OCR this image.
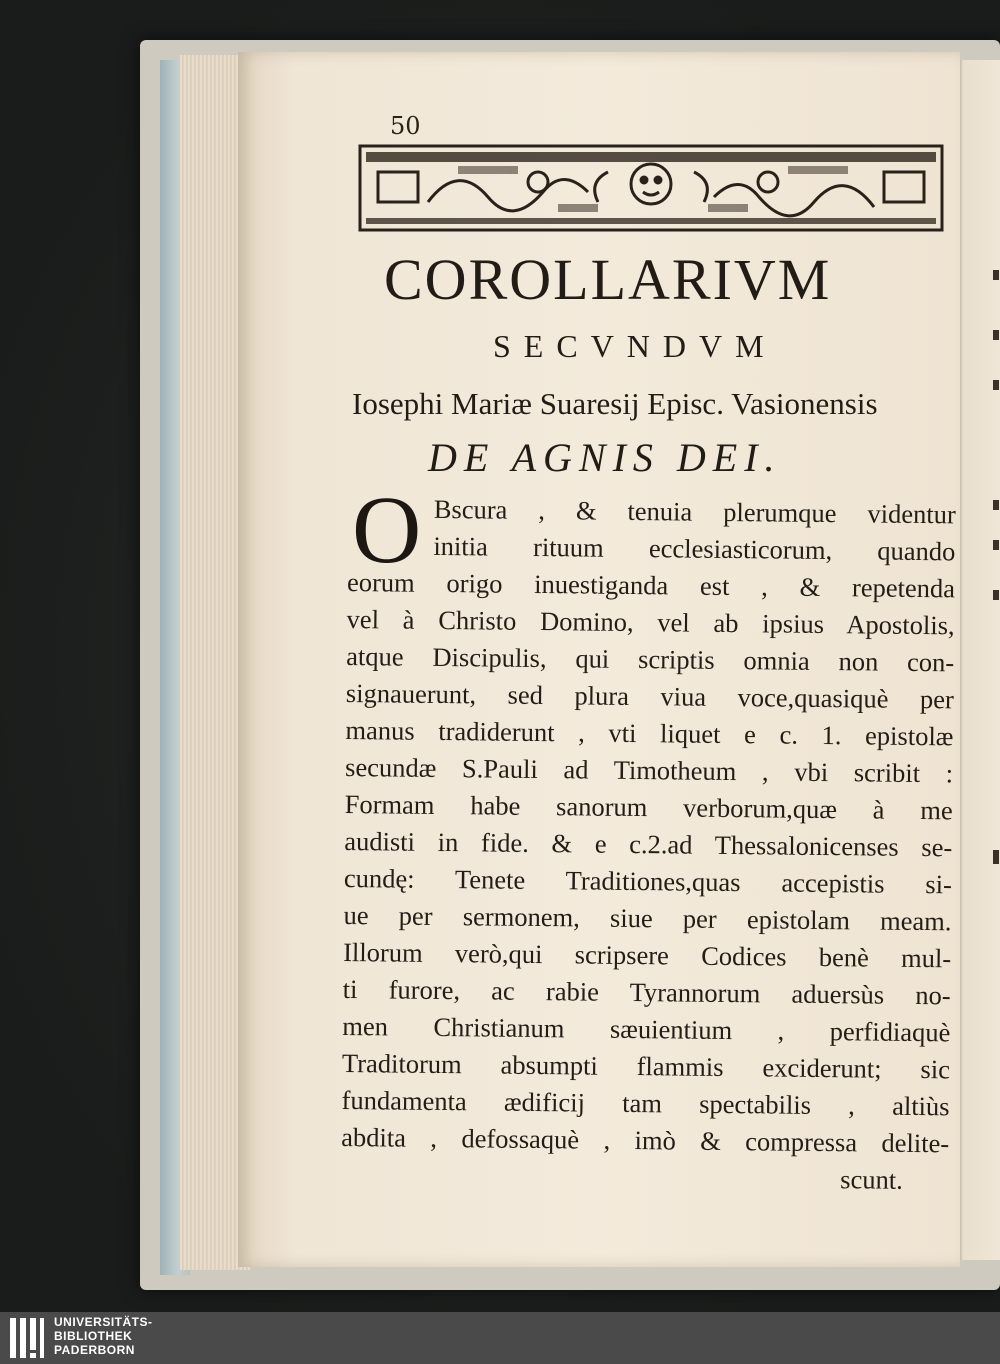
50
COROLLARIVM
SECVNDVM
Iosephi Mariæ Suaresij Episc. Vasionensis
DE AGNIS DEI.
O Bscura , & tenuia plerumque videntur
initia rituum ecclesiasticorum, quando
eorum origo inuestiganda est , & repetenda
vel à Christo Domino, vel ab ipsius Apostolis,
atque Discipulis, qui scriptis omnia non con-
signauerunt, sed plura viua voce,quasiquè per
manus tradiderunt , vti liquet e c. 1. epistolæ
secundæ S.Pauli ad Timotheum , vbi scribit :
Formam habe sanorum verborum,quæ à me
audisti in fide. & e c.2.ad Thessalonicenses se-
cundę: Tenete Traditiones,quas accepistis si-
ue per sermonem, siue per epistolam meam.
Illorum verò,qui scripsere Codices benè mul-
ti furore, ac rabie Tyrannorum aduersùs no-
men Christianum sæuientium , perfidiaquè
Traditorum absumpti flammis exciderunt; sic
fundamenta ædificij tam spectabilis , altiùs
abdita , defossaquè , imò & compressa delite-
scunt.
UNIVERSITÄTS-
BIBLIOTHEK
PADERBORN
